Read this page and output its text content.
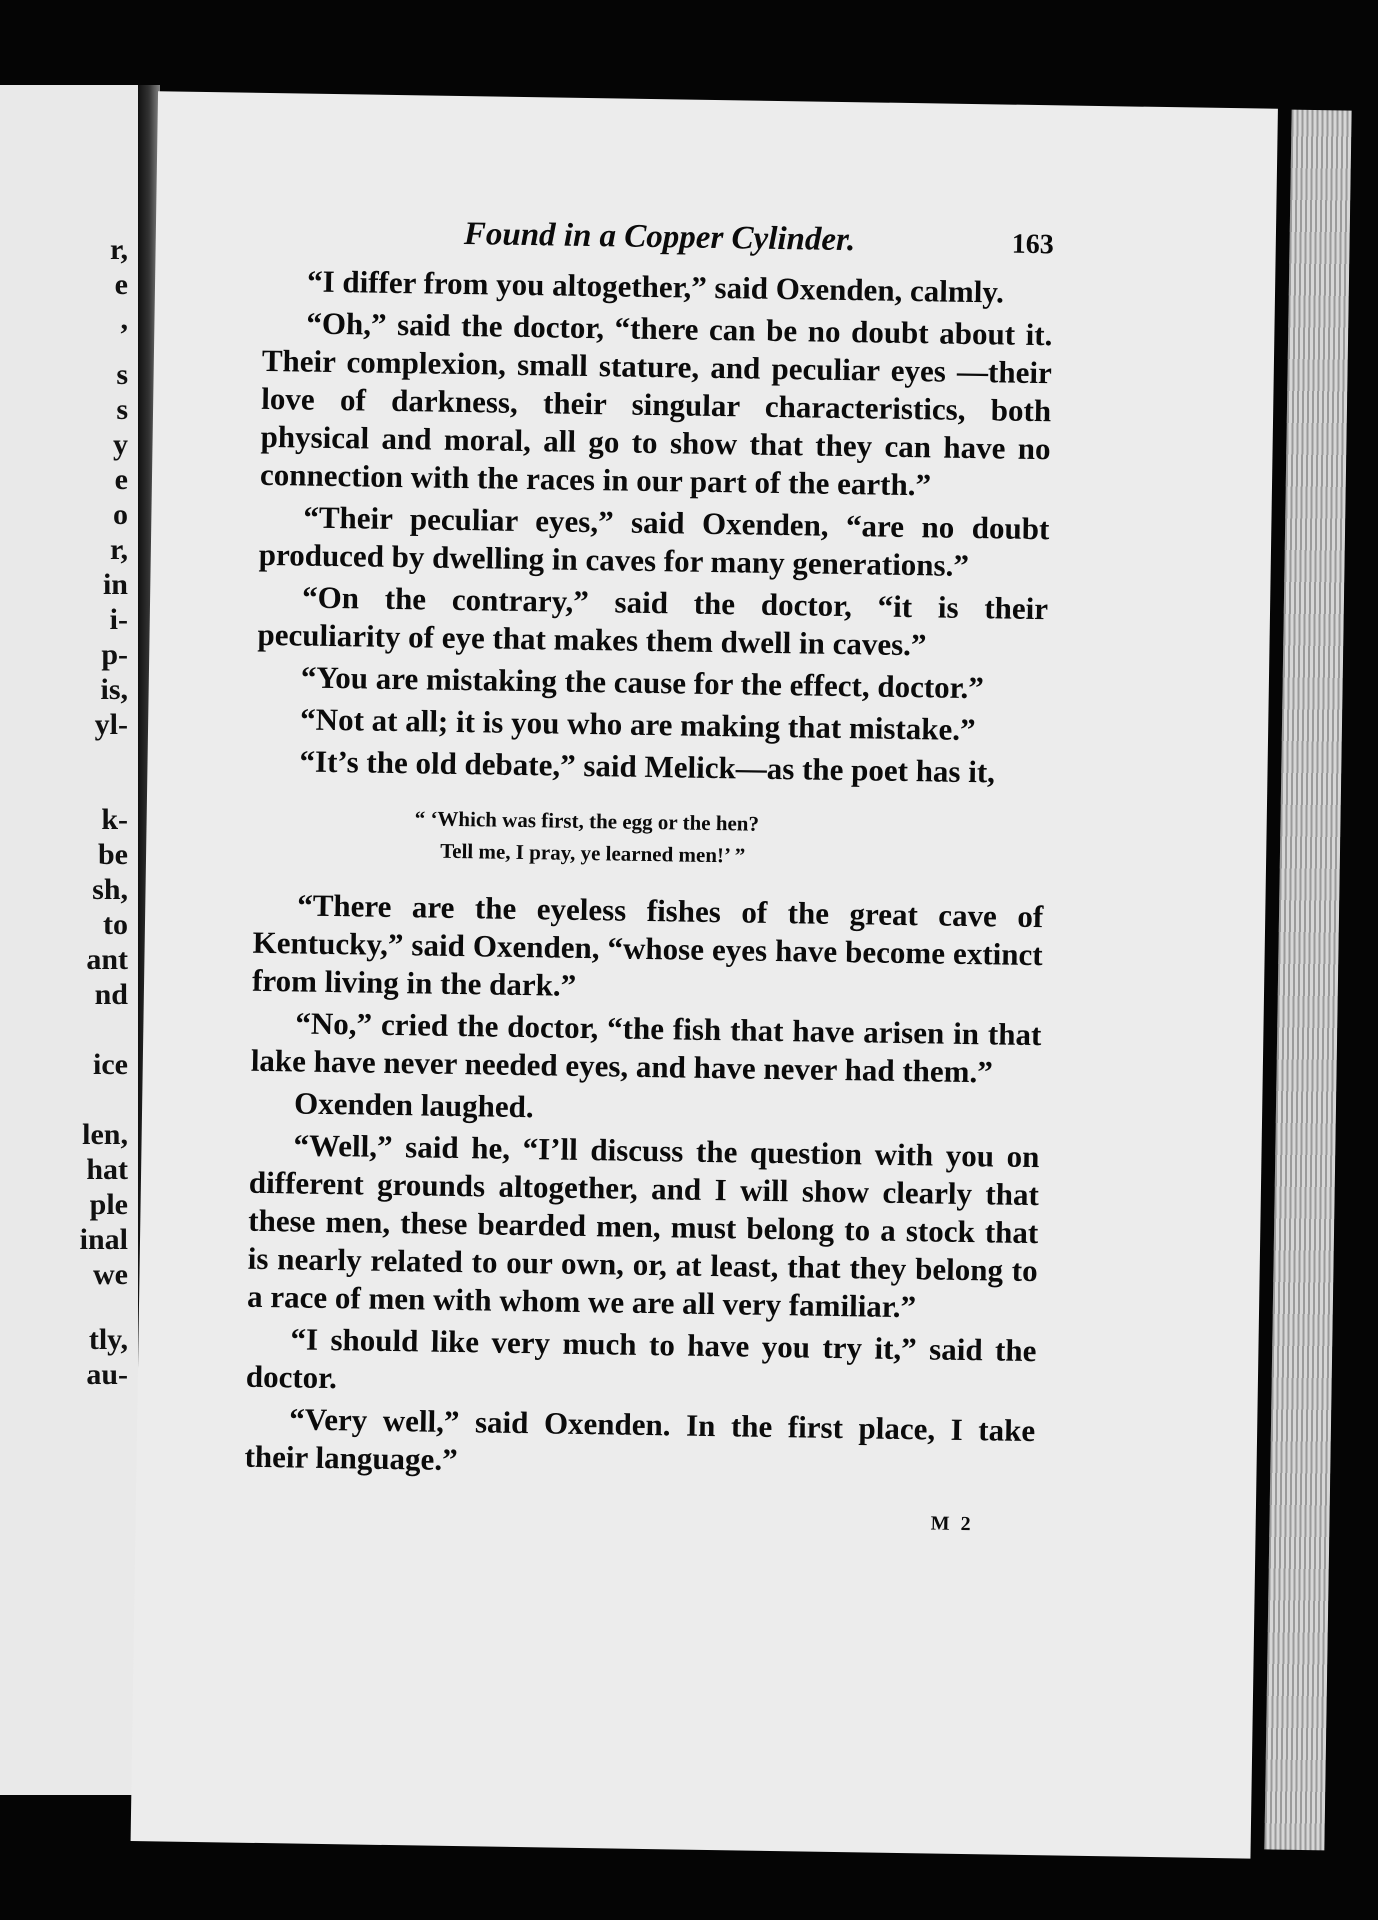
r,
e
,
s
s
y
e
o
r,
in
i-
p-
is,
yl-
k-
be
sh,
to
ant
nd
ice
len,
hat
ple
inal
we
tly,
au-
Found in a Copper Cylinder.	163

“I differ from you altogether,” said Oxenden, calmly.

“Oh,” said the doctor, “there can be no doubt about it. Their complexion, small stature, and peculiar eyes —their love of darkness, their singular characteristics, both physical and moral, all go to show that they can have no connection with the races in our part of the earth.”

“Their peculiar eyes,” said Oxenden, “are no doubt produced by dwelling in caves for many generations.”

“On the contrary,” said the doctor, “it is their peculiarity of eye that makes them dwell in caves.”

“You are mistaking the cause for the effect, doctor.”

“Not at all; it is you who are making that mistake.”

“It’s the old debate,” said Melick—as the poet has it,

“ ‘Which was first, the egg or the hen?
Tell me, I pray, ye learned men!’ ”

“There are the eyeless fishes of the great cave of Kentucky,” said Oxenden, “whose eyes have become extinct from living in the dark.”

“No,” cried the doctor, “the fish that have arisen in that lake have never needed eyes, and have never had them.”

Oxenden laughed.

“Well,” said he, “I’ll discuss the question with you on different grounds altogether, and I will show clearly that these men, these bearded men, must belong to a stock that is nearly related to our own, or, at least, that they belong to a race of men with whom we are all very familiar.”

“I should like very much to have you try it,” said the doctor.

“Very well,” said Oxenden. In the first place, I take their language.”

M 2
